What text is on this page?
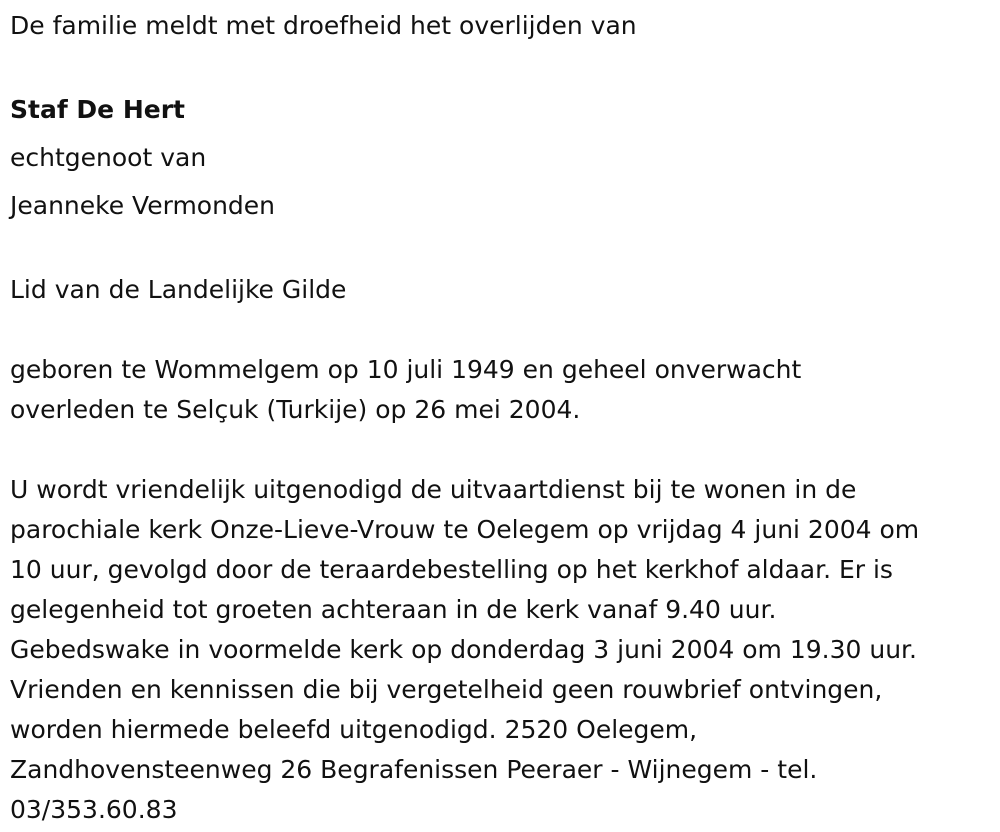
De familie meldt met droefheid het overlijden van
Staf De Hert
echtgenoot van
Jeanneke Vermonden
Lid van de Landelijke Gilde
geboren te Wommelgem op 10 juli 1949 en geheel onverwacht
overleden te Selçuk (Turkije) op 26 mei 2004.
U wordt vriendelijk uitgenodigd de uitvaartdienst bij te wonen in de
parochiale kerk Onze-Lieve-Vrouw te Oelegem op vrijdag 4 juni 2004 om
10 uur, gevolgd door de teraardebestelling op het kerkhof aldaar. Er is
gelegenheid tot groeten achteraan in de kerk vanaf 9.40 uur.
Gebedswake in voormelde kerk op donderdag 3 juni 2004 om 19.30 uur.
Vrienden en kennissen die bij vergetelheid geen rouwbrief ontvingen,
worden hiermede beleefd uitgenodigd. 2520 Oelegem,
Zandhovensteenweg 26 Begrafenissen Peeraer - Wijnegem - tel.
03/353.60.83
